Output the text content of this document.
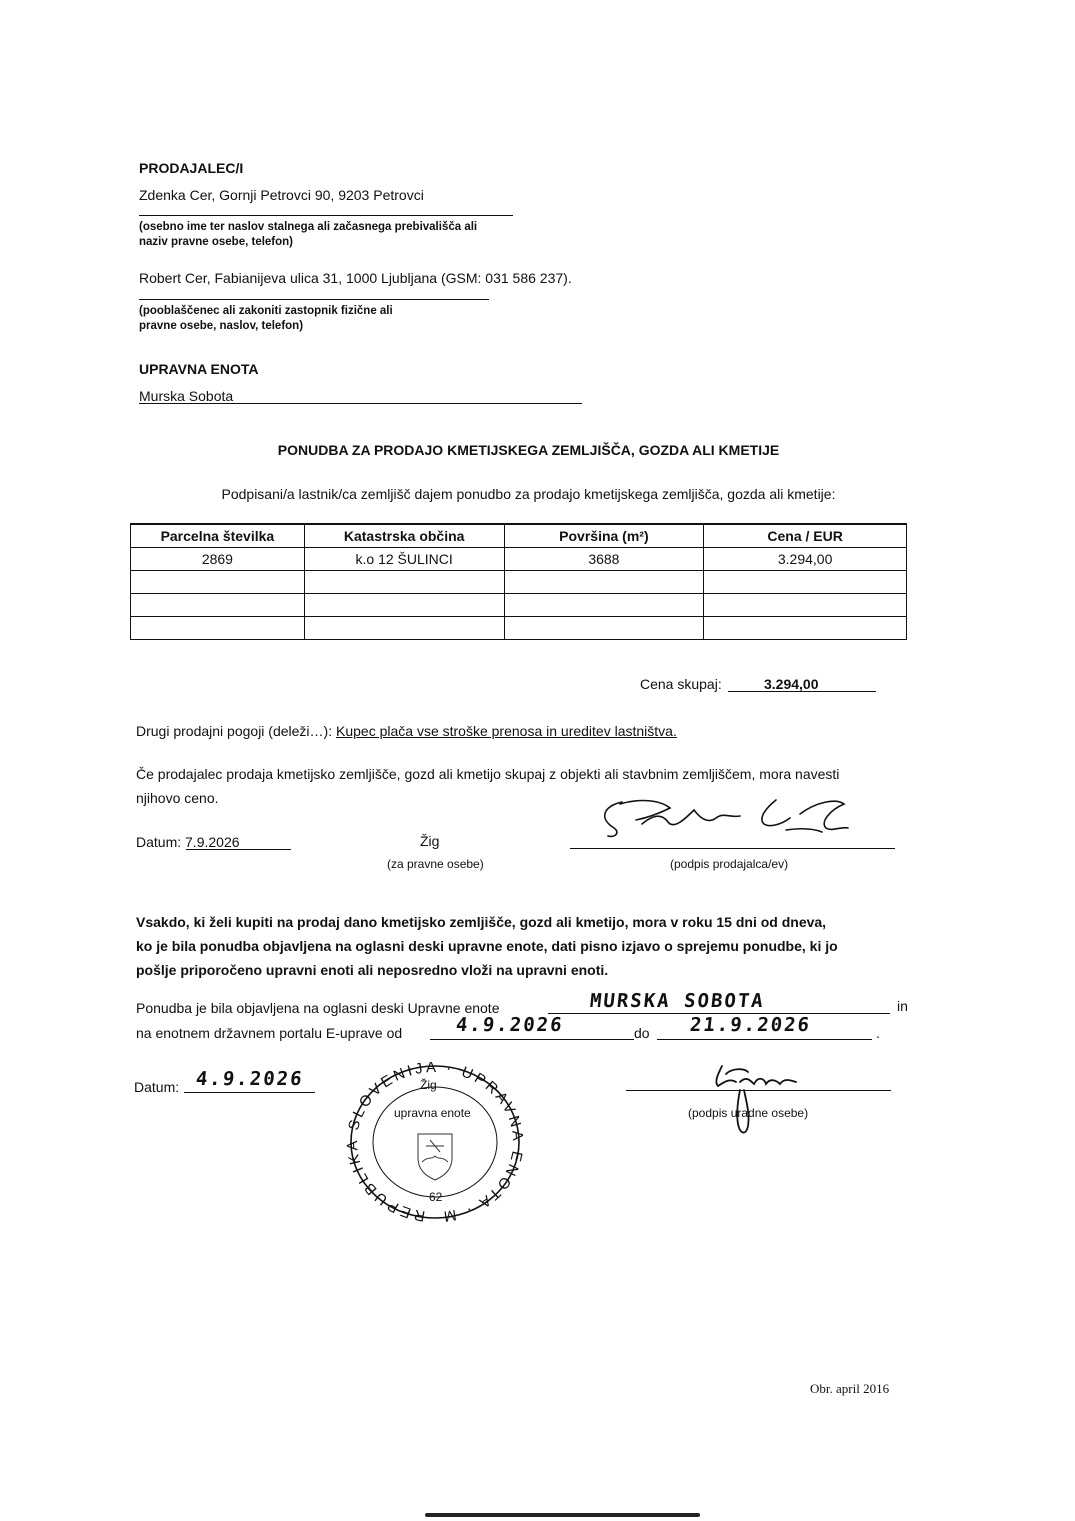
PRODAJALEC/I
Zdenka Cer, Gornji Petrovci 90, 9203 Petrovci
(osebno ime ter naslov stalnega ali začasnega prebivališča ali
naziv pravne osebe, telefon)
Robert Cer, Fabianijeva ulica 31, 1000 Ljubljana (GSM: 031 586 237).
(pooblaščenec ali zakoniti zastopnik fizične ali
pravne osebe, naslov, telefon)
UPRAVNA ENOTA
Murska Sobota
PONUDBA ZA PRODAJO KMETIJSKEGA ZEMLJIŠČA, GOZDA ALI KMETIJE
Podpisani/a lastnik/ca zemljišč dajem ponudbo za prodajo kmetijskega zemljišča, gozda ali kmetije:
Parcelna številka	Katastrska občina	Površina (m²)	Cena / EUR
2869	k.o 12 ŠULINCI	3688	3.294,00

Cena skupaj:	3.294,00
Drugi prodajni pogoji (deleži…): Kupec plača vse stroške prenosa in ureditev lastništva.
Če prodajalec prodaja kmetijsko zemljišče, gozd ali kmetijo skupaj z objekti ali stavbnim zemljiščem, mora navesti
njihovo ceno.
Datum: 7.9.2026	Žig
(za pravne osebe)	(podpis prodajalca/ev)
Vsakdo, ki želi kupiti na prodaj dano kmetijsko zemljišče, gozd ali kmetijo, mora v roku 15 dni od dneva,
ko je bila ponudba objavljena na oglasni deski upravne enote, dati pisno izjavo o sprejemu ponudbe, ki jo
pošlje priporočeno upravni enoti ali neposredno vloži na upravni enoti.
Ponudba je bila objavljena na oglasni deski Upravne enote	MURSKA SOBOTA	in
na enotnem državnem portalu E-uprave od	4.9.2026	do 21.9.2026	.
Datum: 4.9.2026
REPUBLIKA SLOVENIJA · UPRAVNA ENOTA · M
Žig
upravna enote
62
(podpis uradne osebe)
Obr. april 2016
